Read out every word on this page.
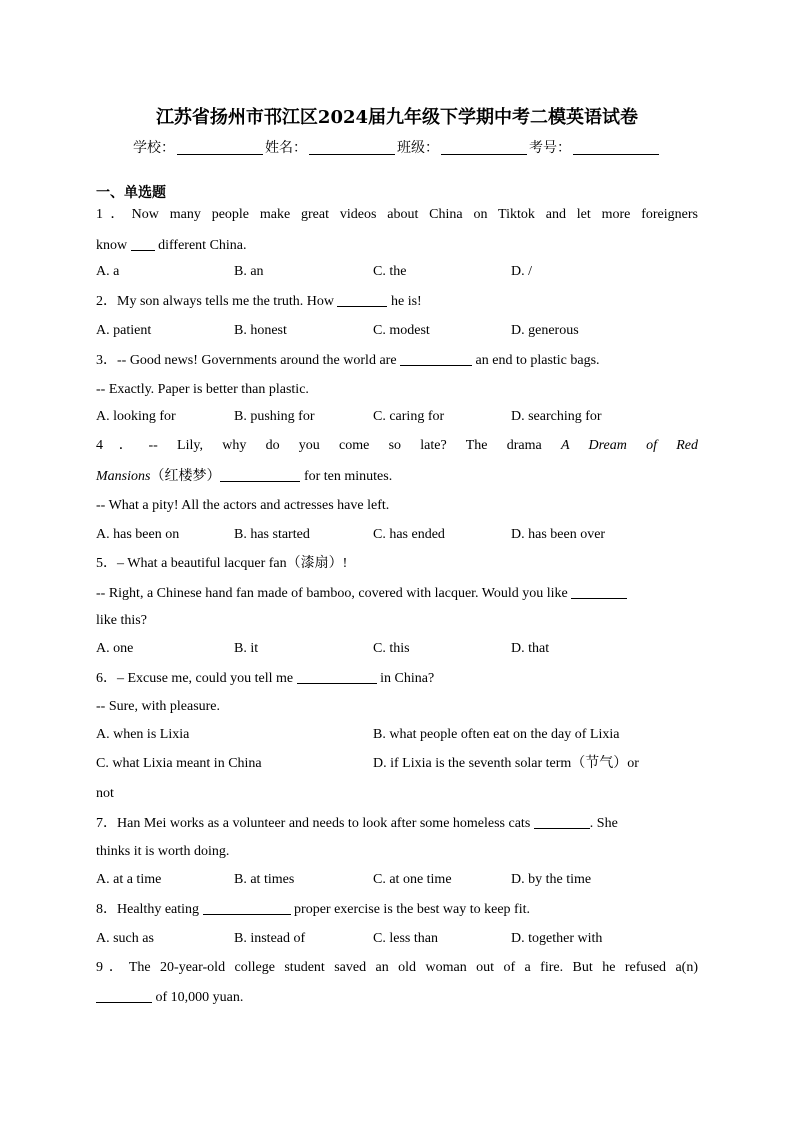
江苏省扬州市邗江区2024届九年级下学期中考二模英语试卷
学校：	姓名：	班级：	考号：
一、单选题
1．Now many people make great videos about China on Tiktok and let more foreigners
know different China.
A. a	B. an	C. the	D. /
2．My son always tells me the truth. How	he is!
A. patient	B. honest	C. modest	D. generous
3．-- Good news! Governments around the world are	an end to plastic bags.
-- Exactly. Paper is better than plastic.
A. looking for	B. pushing for	C. caring for	D. searching for
4．-- Lily, why do you come so late? The drama A Dream of Red
Mansions（红楼梦）	for ten minutes.
-- What a pity! All the actors and actresses have left.
A. has been on	B. has started	C. has ended	D. has been over
5．– What a beautiful lacquer fan（漆扇）!
-- Right, a Chinese hand fan made of bamboo, covered with lacquer. Would you like
like this?
A. one	B. it	C. this	D. that
6．– Excuse me, could you tell me	in China?
-- Sure, with pleasure.
A. when is Lixia	B. what people often eat on the day of Lixia
C. what Lixia meant in China	D. if Lixia is the seventh solar term（节气）or
not
7．Han Mei works as a volunteer and needs to look after some homeless cats	. She
thinks it is worth doing.
A. at a time	B. at times	C. at one time	D. by the time
8．Healthy eating	proper exercise is the best way to keep fit.
A. such as	B. instead of	C. less than	D. together with
9．The 20-year-old college student saved an old woman out of a fire. But he refused a(n)
of 10,000 yuan.
